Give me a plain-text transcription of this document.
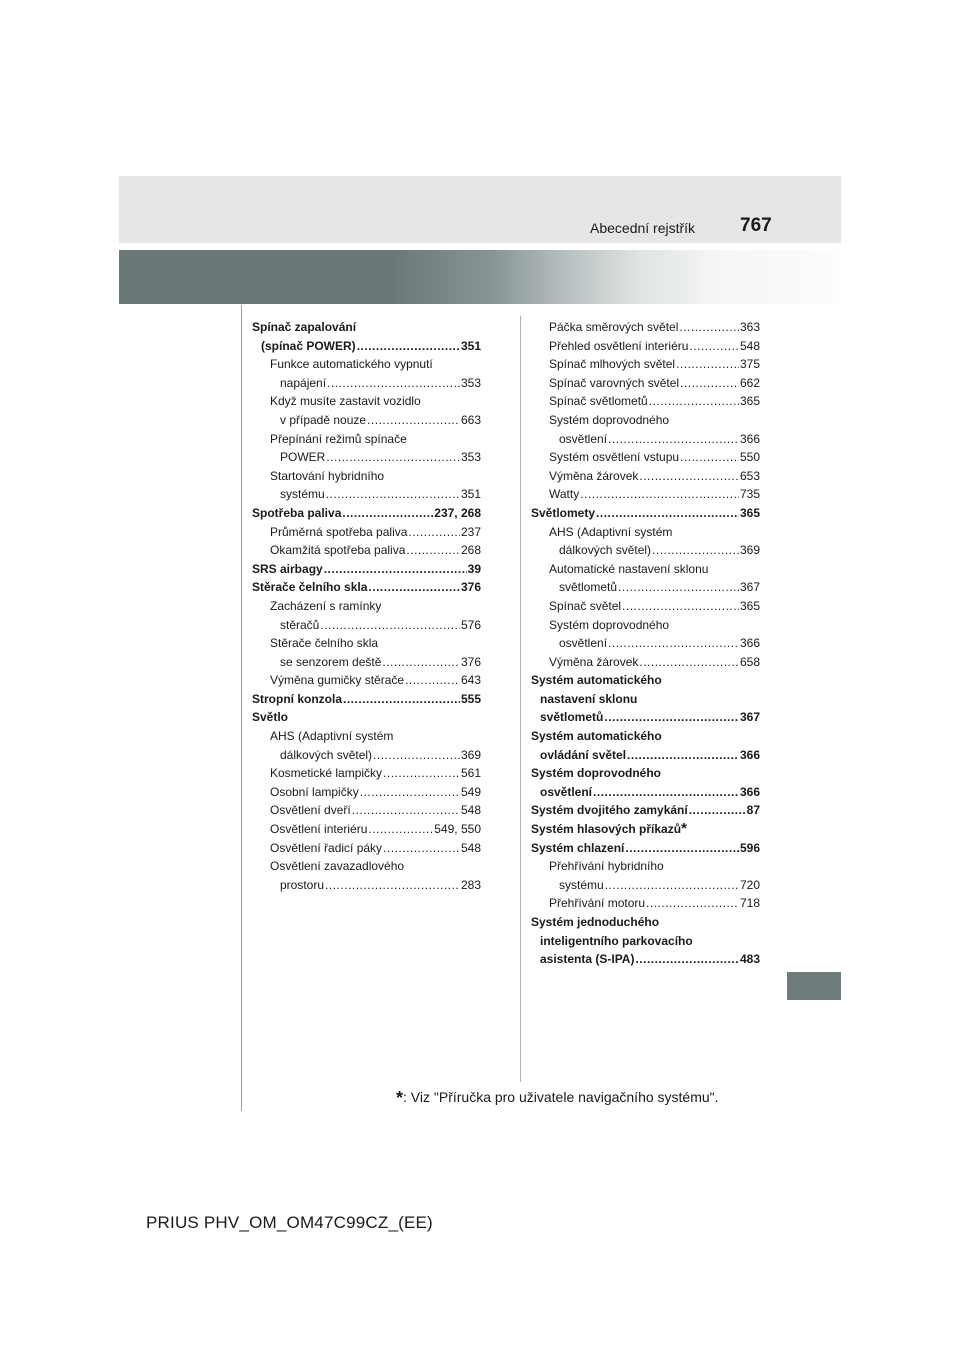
Abecední rejstřík 767
Spínač zapalování
(spínač POWER) .....	351
Funkce automatického vypnutí
napájení .....	353
Když musíte zastavit vozidlo
v případě nouze .....	663
Přepínání režimů spínače
POWER .....	353
Startování hybridního
systému .....	351
Spotřeba paliva .....	237, 268
Průměrná spotřeba paliva .....	237
Okamžitá spotřeba paliva .....	268
SRS airbagy .....	39
Stěrače čelního skla .....	376
Zacházení s ramínky
stěračů .....	576
Stěrače čelního skla
se senzorem deště .....	376
Výměna gumičky stěrače .....	643
Stropní konzola .....	555
Světlo
AHS (Adaptivní systém
dálkových světel) .....	369
Kosmetické lampičky .....	561
Osobní lampičky .....	549
Osvětlení dveří .....	548
Osvětlení interiéru .....	549, 550
Osvětlení řadicí páky .....	548
Osvětlení zavazadlového
prostoru .....	283
Páčka směrových světel .....	363
Přehled osvětlení interiéru .....	548
Spínač mlhových světel .....	375
Spínač varovných světel .....	662
Spínač světlometů .....	365
Systém doprovodného
osvětlení .....	366
Systém osvětlení vstupu .....	550
Výměna žárovek .....	653
Watty .....	735
Světlomety .....	365
AHS (Adaptivní systém
dálkových světel) .....	369
Automatické nastavení sklonu
světlometů .....	367
Spínač světel .....	365
Systém doprovodného
osvětlení .....	366
Výměna žárovek .....	658
Systém automatického
nastavení sklonu
světlometů .....	367
Systém automatického
ovládání světel .....	366
Systém doprovodného
osvětlení .....	366
Systém dvojitého zamykání .....	87
Systém hlasových příkazů *
Systém chlazení .....	596
Přehřívání hybridního
systému .....	720
Přehřívání motoru .....	718
Systém jednoduchého
inteligentního parkovacího
asistenta (S-IPA) .....	483
*: Viz "Příručka pro uživatele navigačního systému".
PRIUS PHV_OM_OM47C99CZ_(EE)
